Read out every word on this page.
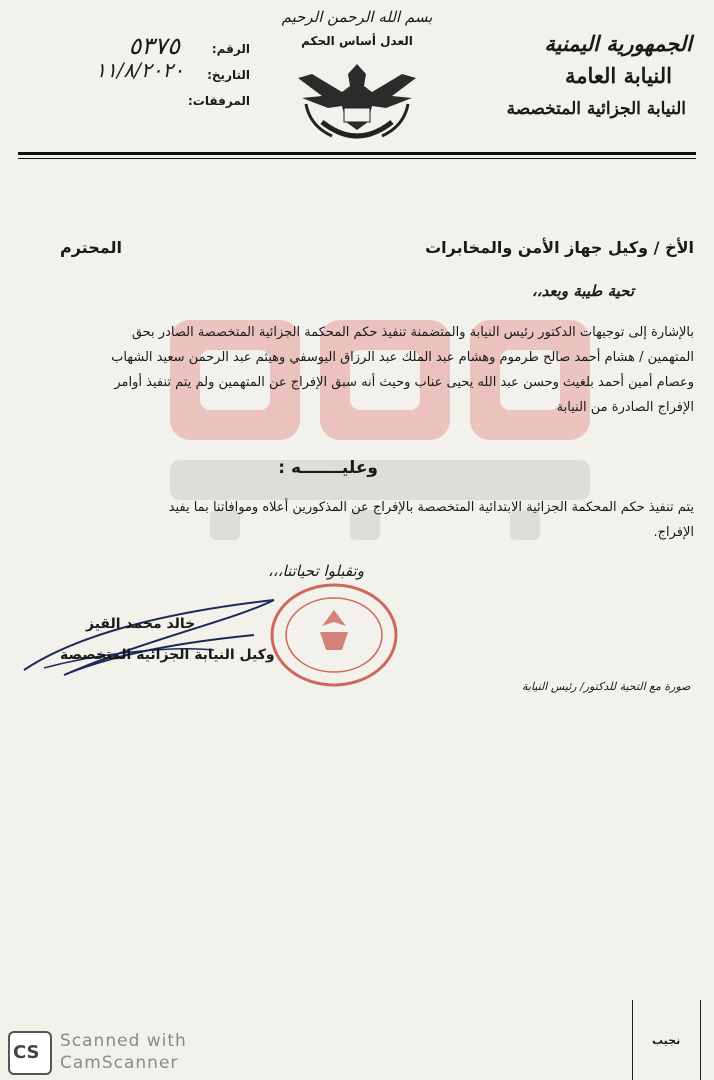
الجمهورية اليمنية
النيابة العامة
النيابة الجزائية المتخصصة
بسم الله الرحمن الرحيم
العدل أساس الحكم
الرقم:
٥٣٧٥
التاريخ:
١١/٨/٢٠٢٠
المرفقات:
الأخ / وكيل جهاز الأمن والمخابرات
المحترم
تحية طيبة وبعد،،
بالإشارة إلى توجيهات الدكتور رئيس النيابة والمتضمنة تنفيذ حكم المحكمة الجزائية المتخصصة الصادر بحق
المتهمين / هشام أحمد صالح طرموم وهشام عبد الملك عبد الرزاق اليوسفي وهيثم عبد الرحمن سعيد الشهاب
وعصام أمين أحمد بلغيث وحسن عبد الله يحيى عناب وحيث أنه سبق الإفراج عن المتهمين ولم يتم تنفيذ أوامر
الإفراج الصادرة من النيابة
وعليـــــــه :
يتم تنفيذ حكم المحكمة الجزائية الابتدائية المتخصصة بالإفراج عن المذكورين أعلاه وموافاتنا بما يفيد
الإفراج.
وتقبلوا تحياتنا،،،
خالد محمد القيز
وكيل النيابة الجزائية المتخصصة
صورة مع التحية للدكتور/ رئيس النيابة
CS
Scanned with
CamScanner
نجيب
